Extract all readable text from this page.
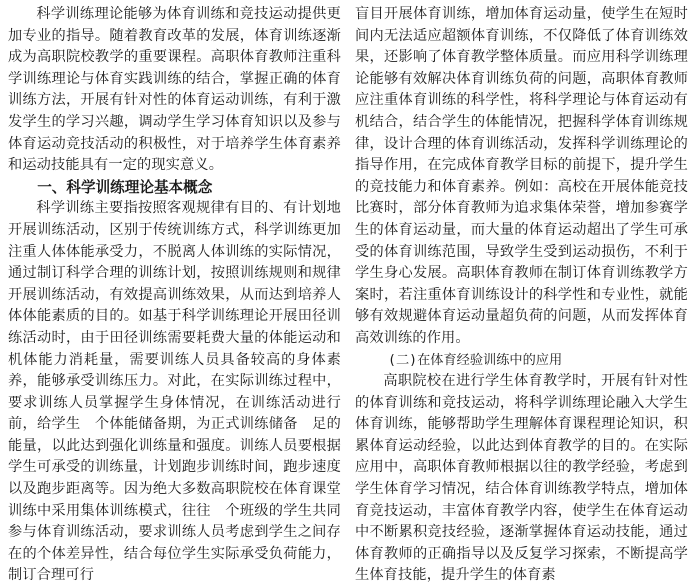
科学训练理论能够为体育训练和竞技运动提供更加专业的指导。随着教育改革的发展，体育训练逐渐成为高职院校教学的重要课程。高职体育教师注重科学训练理论与体育实践训练的结合，掌握正确的体育训练方法，开展有针对性的体育运动训练，有利于激发学生的学习兴趣，调动学生学习体育知识以及参与体育运动竞技活动的积极性，对于培养学生体育素养和运动技能具有一定的现实意义。

一、科学训练理论基本概念

科学训练主要指按照客观规律有目的、有计划地开展训练活动，区别于传统训练方式，科学训练更加注重人体体能承受力，不脱离人体训练的实际情况，通过制订科学合理的训练计划，按照训练规则和规律开展训练活动，有效提高训练效果，从而达到培养人体体能素质的目的。如基于科学训练理论开展田径训练活动时，由于田径训练需要耗费大量的体能运动和机体能力消耗量，需要训练人员具备较高的身体素养，能够承受训练压力。对此，在实际训练过程中，要求训练人员掌握学生身体情况，在训练活动进行前，给学生　个体能储备期，为正式训练储备　足的能量，以此达到强化训练量和强度。训练人员要根据学生可承受的训练量，计划跑步训练时间，跑步速度以及跑步距离等。因为绝大多数高职院校在体育课堂训练中采用集体训练模式，往往　个班级的学生共同参与体育训练活动，要求训练人员考虑到学生之间存在的个体差异性，结合每位学生实际承受负荷能力，制订合理可行

盲目开展体育训练，增加体育运动量，使学生在短时间内无法适应超额体育训练，不仅降低了体育训练效果，还影响了体育教学整体质量。而应用科学训练理论能够有效解决体育训练负荷的问题，高职体育教师应注重体育训练的科学性，将科学理论与体育运动有机结合，结合学生的体能情况，把握科学体育训练规律，设计合理的体育训练活动，发挥科学训练理论的指导作用，在完成体育教学目标的前提下，提升学生的竞技能力和体育素养。例如：高校在开展体能竞技比赛时，部分体育教师为追求集体荣誉，增加参赛学生的体育运动量，而大量的体育运动超出了学生可承受的体育训练范围，导致学生受到运动损伤，不利于学生身心发展。高职体育教师在制订体育训练教学方案时，若注重体育训练设计的科学性和专业性，就能够有效规避体育运动量超负荷的问题，从而发挥体育高效训练的作用。

(二)在体育经验训练中的应用

高职院校在进行学生体育教学时，开展有针对性的体育训练和竞技运动，将科学训练理论融入大学生体育训练，能够帮助学生理解体育课程理论知识，积累体育运动经验，以此达到体育教学的目的。在实际应用中，高职体育教师根据以往的教学经验，考虑到学生体育学习情况，结合体育训练教学特点，增加体育竞技运动，丰富体育教学内容，使学生在体育运动中不断累积竞技经验，逐渐掌握体育运动技能，通过体育教师的正确指导以及反复学习探索，不断提高学生体育技能，提升学生的体育素
